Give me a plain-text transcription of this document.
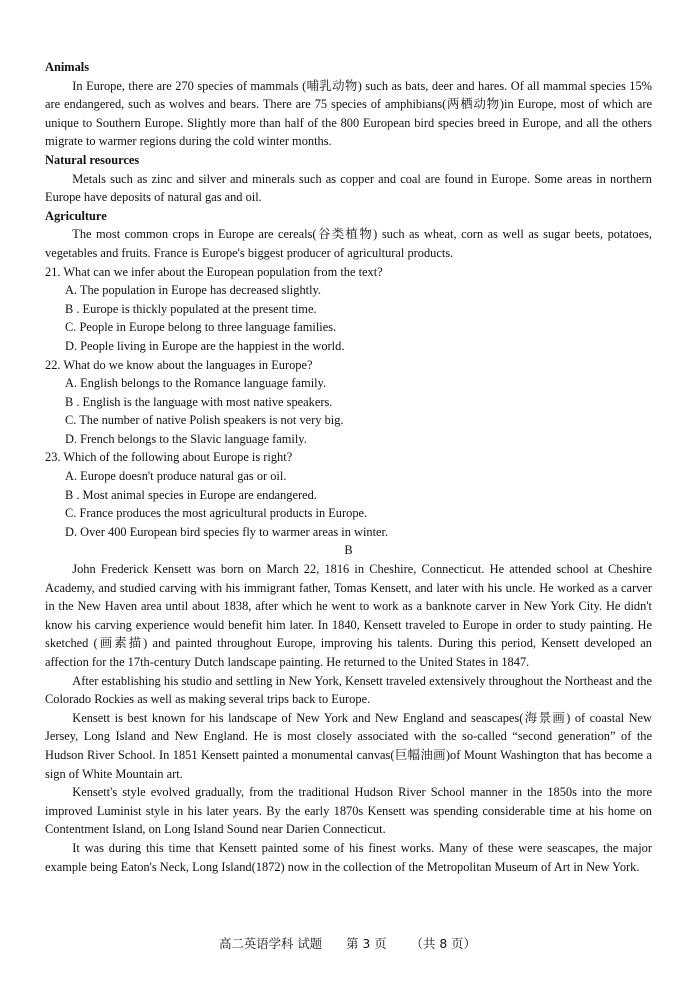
Animals

In Europe, there are 270 species of mammals (哺乳动物) such as bats, deer and hares. Of all mammal species 15% are endangered, such as wolves and bears. There are 75 species of amphibians(两栖动物)in Europe, most of which are unique to Southern Europe. Slightly more than half of the 800 European bird species breed in Europe, and all the others migrate to warmer regions during the cold winter months.

Natural resources

Metals such as zinc and silver and minerals such as copper and coal are found in Europe. Some areas in northern Europe have deposits of natural gas and oil.

Agriculture

The most common crops in Europe are cereals(谷类植物) such as wheat, corn as well as sugar beets, potatoes, vegetables and fruits. France is Europe's biggest producer of agricultural products.

21. What can we infer about the European population from the text?

A. The population in Europe has decreased slightly.

B . Europe is thickly populated at the present time.

C. People in Europe belong to three language families.

D. People living in Europe are the happiest in the world.

22. What do we know about the languages in Europe?

A. English belongs to the Romance language family.

B . English is the language with most native speakers.

C. The number of native Polish speakers is not very big.

D. French belongs to the Slavic language family.

23. Which of the following about Europe is right?

A. Europe doesn't produce natural gas or oil.

B . Most animal species in Europe are endangered.

C. France produces the most agricultural products in Europe.

D. Over 400 European bird species fly to warmer areas in winter.

B

John Frederick Kensett was born on March 22, 1816 in Cheshire, Connecticut. He attended school at Cheshire Academy, and studied carving with his immigrant father, Tomas Kensett, and later with his uncle. He worked as a carver in the New Haven area until about 1838, after which he went to work as a banknote carver in New York City. He didn't know his carving experience would benefit him later. In 1840, Kensett traveled to Europe in order to study painting. He sketched (画素描) and painted throughout Europe, improving his talents. During this period, Kensett developed an affection for the 17th-century Dutch landscape painting. He returned to the United States in 1847.

After establishing his studio and settling in New York, Kensett traveled extensively throughout the Northeast and the Colorado Rockies as well as making several trips back to Europe.

Kensett is best known for his landscape of New York and New England and seascapes(海景画) of coastal New Jersey, Long Island and New England. He is most closely associated with the so-called “second generation” of the Hudson River School. In 1851 Kensett painted a monumental canvas(巨幅油画)of Mount Washington that has become a sign of White Mountain art.

Kensett's style evolved gradually, from the traditional Hudson River School manner in the 1850s into the more improved Luminist style in his later years. By the early 1870s Kensett was spending considerable time at his home on Contentment Island, on Long Island Sound near Darien Connecticut.

It was during this time that Kensett painted some of his finest works. Many of these were seascapes, the major example being Eaton's Neck, Long Island(1872) now in the collection of the Metropolitan Museum of Art in New York.

高二英语学科 试题 第 3 页 （共 8 页）
